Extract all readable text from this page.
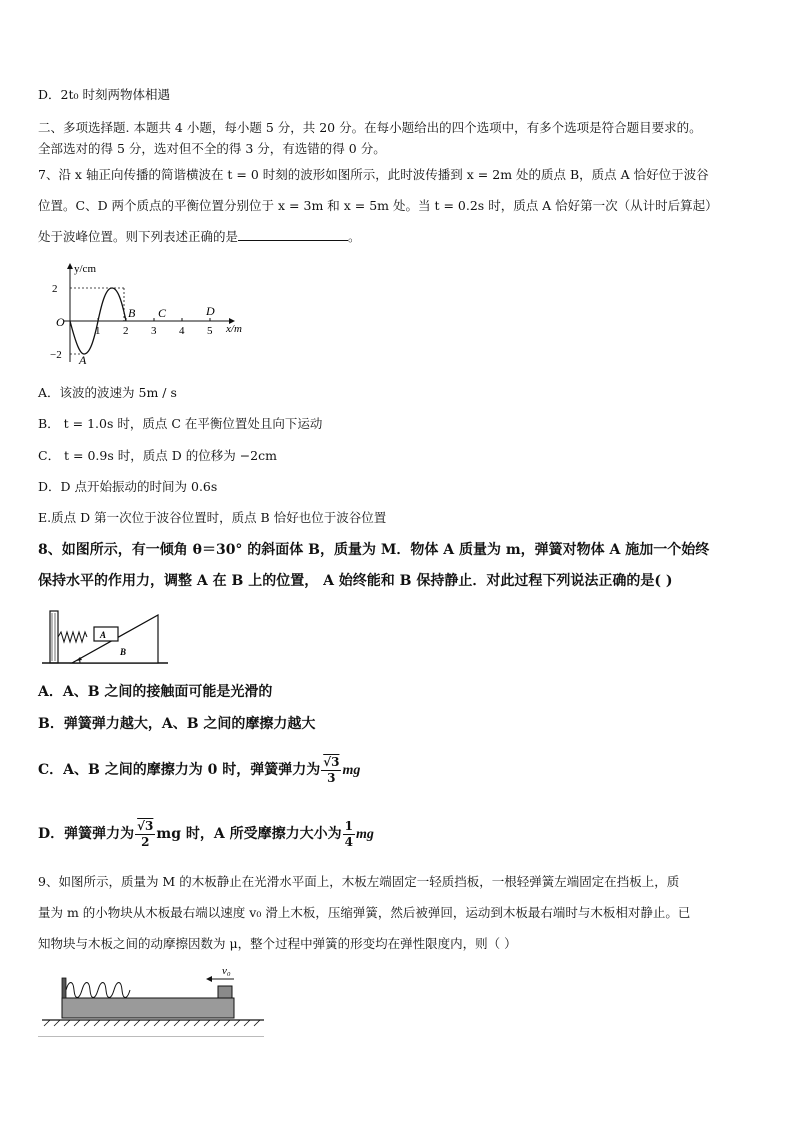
D．2t₀ 时刻两物体相遇
二、多项选择题. 本题共 4 小题，每小题 5 分，共 20 分。在每小题给出的四个选项中，有多个选项是符合题目要求的。
全部选对的得 5 分，选对但不全的得 3 分，有选错的得 0 分。
7、沿 x 轴正向传播的简谐横波在 t = 0 时刻的波形如图所示，此时波传播到 x = 2m 处的质点 B，质点 A 恰好位于波谷
位置。C、D 两个质点的平衡位置分别位于 x = 3m 和 x = 5m 处。当 t = 0.2s 时，质点 A 恰好第一次（从计时后算起）
处于波峰位置。则下列表述正确的是	。
y/cm
2
−2
O
1 2 3 4 5 x/m
A
B C	D
A．该波的波速为 5m / s
B． t = 1.0s 时，质点 C 在平衡位置处且向下运动
C． t = 0.9s 时，质点 D 的位移为 −2cm
D．D 点开始振动的时间为 0.6s
E.质点 D 第一次位于波谷位置时，质点 B 恰好也位于波谷位置
8、如图所示，有一倾角 θ＝30° 的斜面体 B，质量为 M．物体 A 质量为 m，弹簧对物体 A 施加一个始终
保持水平的作用力，调整 A 在 B 上的位置， A 始终能和 B 保持静止．对此过程下列说法正确的是( )
A
B
A．A、B 之间的接触面可能是光滑的
B．弹簧弹力越大，A、B 之间的摩擦力越大
C．A、B 之间的摩擦力为 0 时，弹簧弹力为 $\frac{√3}{3}$ mg
D．弹簧弹力为 $\frac{√3}{2}$ mg 时，A 所受摩擦力大小为 $\frac{1}{4}$ mg
9、如图所示，质量为 M 的木板静止在光滑水平面上，木板左端固定一轻质挡板，一根轻弹簧左端固定在挡板上，质
量为 m 的小物块从木板最右端以速度 v₀ 滑上木板，压缩弹簧，然后被弹回，运动到木板最右端时与木板相对静止。已
知物块与木板之间的动摩擦因数为 μ，整个过程中弹簧的形变均在弹性限度内，则（ ）
v₀
